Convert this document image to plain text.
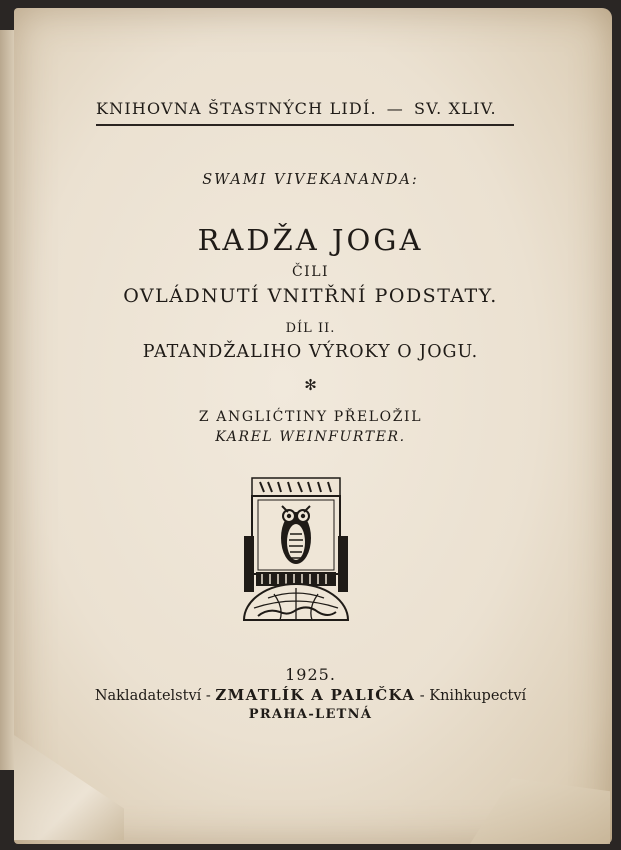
KNIHOVNA ŠTASTNÝCH LIDÍ. — SV. XLIV.
SWAMI VIVEKANANDA:
RADŽA JOGA
ČILI
OVLÁDNUTÍ VNITŘNÍ PODSTATY.
DÍL II.
PATANDŽALIHO VÝROKY O JOGU.
✻
Z ANGLIĆTINY PŘELOŽIL
KAREL WEINFURTER.
1925.
Nakladatelství - ZMATLÍK A PALIČKA - Knihkupectví
PRAHA-LETNÁ
